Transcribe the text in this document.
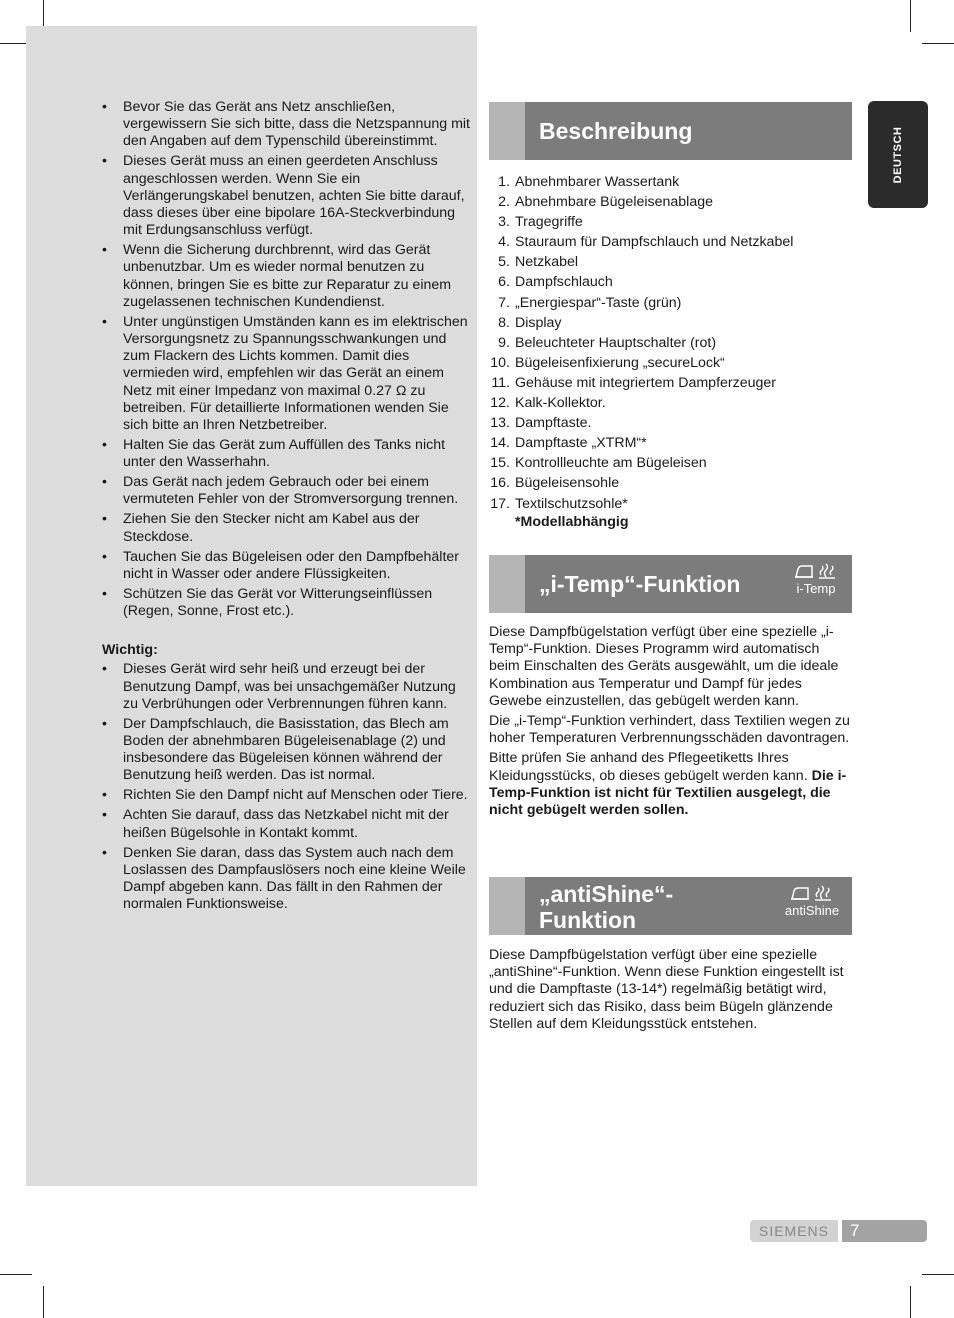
• Bevor Sie das Gerät ans Netz anschließen, vergewissern Sie sich bitte, dass die Netzspannung mit den Angaben auf dem Typenschild übereinstimmt.
• Dieses Gerät muss an einen geerdeten Anschluss angeschlossen werden. Wenn Sie ein Verlängerungskabel benutzen, achten Sie bitte darauf, dass dieses über eine bipolare 16A-Steckverbindung mit Erdungsanschluss verfügt.
• Wenn die Sicherung durchbrennt, wird das Gerät unbenutzbar. Um es wieder normal benutzen zu können, bringen Sie es bitte zur Reparatur zu einem zugelassenen technischen Kundendienst.
• Unter ungünstigen Umständen kann es im elektrischen Versorgungsnetz zu Spannungsschwankungen und zum Flackern des Lichts kommen. Damit dies vermieden wird, empfehlen wir das Gerät an einem Netz mit einer Impedanz von maximal 0.27 Ω zu betreiben. Für detaillierte Informationen wenden Sie sich bitte an Ihren Netzbetreiber.
• Halten Sie das Gerät zum Auffüllen des Tanks nicht unter den Wasserhahn.
• Das Gerät nach jedem Gebrauch oder bei einem vermuteten Fehler von der Stromversorgung trennen.
• Ziehen Sie den Stecker nicht am Kabel aus der Steckdose.
• Tauchen Sie das Bügeleisen oder den Dampfbehälter nicht in Wasser oder andere Flüssigkeiten.
• Schützen Sie das Gerät vor Witterungseinflüssen (Regen, Sonne, Frost etc.).
Wichtig:
• Dieses Gerät wird sehr heiß und erzeugt bei der Benutzung Dampf, was bei unsachgemäßer Nutzung zu Verbrühungen oder Verbrennungen führen kann.
• Der Dampfschlauch, die Basisstation, das Blech am Boden der abnehmbaren Bügeleisenablage (2) und insbesondere das Bügeleisen können während der Benutzung heiß werden. Das ist normal.
• Richten Sie den Dampf nicht auf Menschen oder Tiere.
• Achten Sie darauf, dass das Netzkabel nicht mit der heißen Bügelsohle in Kontakt kommt.
• Denken Sie daran, dass das System auch nach dem Loslassen des Dampfauslösers noch eine kleine Weile Dampf abgeben kann. Das fällt in den Rahmen der normalen Funktionsweise.
Beschreibung
1. Abnehmbarer Wassertank
2. Abnehmbare Bügeleisenablage
3. Tragegriffe
4. Stauraum für Dampfschlauch und Netzkabel
5. Netzkabel
6. Dampfschlauch
7. „Energiespar“-Taste (grün)
8. Display
9. Beleuchteter Hauptschalter (rot)
10. Bügeleisenfixierung „secureLock“
11. Gehäuse mit integriertem Dampferzeuger
12. Kalk-Kollektor.
13. Dampftaste.
14. Dampftaste „XTRM“*
15. Kontrollleuchte am Bügeleisen
16. Bügeleisensohle
17. Textilschutzsohle*
*Modellabhängig
„i-Temp“-Funktion	i-Temp

Diese Dampfbügelstation verfügt über eine spezielle „i-Temp“-Funktion. Dieses Programm wird automatisch beim Einschalten des Geräts ausgewählt, um die ideale Kombination aus Temperatur und Dampf für jedes Gewebe einzustellen, das gebügelt werden kann.

Die „i-Temp“-Funktion verhindert, dass Textilien wegen zu hoher Temperaturen Verbrennungsschäden davontragen.

Bitte prüfen Sie anhand des Pflegeetiketts Ihres Kleidungsstücks, ob dieses gebügelt werden kann. Die i-Temp-Funktion ist nicht für Textilien ausgelegt, die nicht gebügelt werden sollen.

„antiShine“-
Funktion	antiShine

Diese Dampfbügelstation verfügt über eine spezielle „antiShine“-Funktion. Wenn diese Funktion eingestellt ist und die Dampftaste (13-14*) regelmäßig betätigt wird, reduziert sich das Risiko, dass beim Bügeln glänzende Stellen auf dem Kleidungsstück entstehen.

DEUTSCH
SIEMENS	7
